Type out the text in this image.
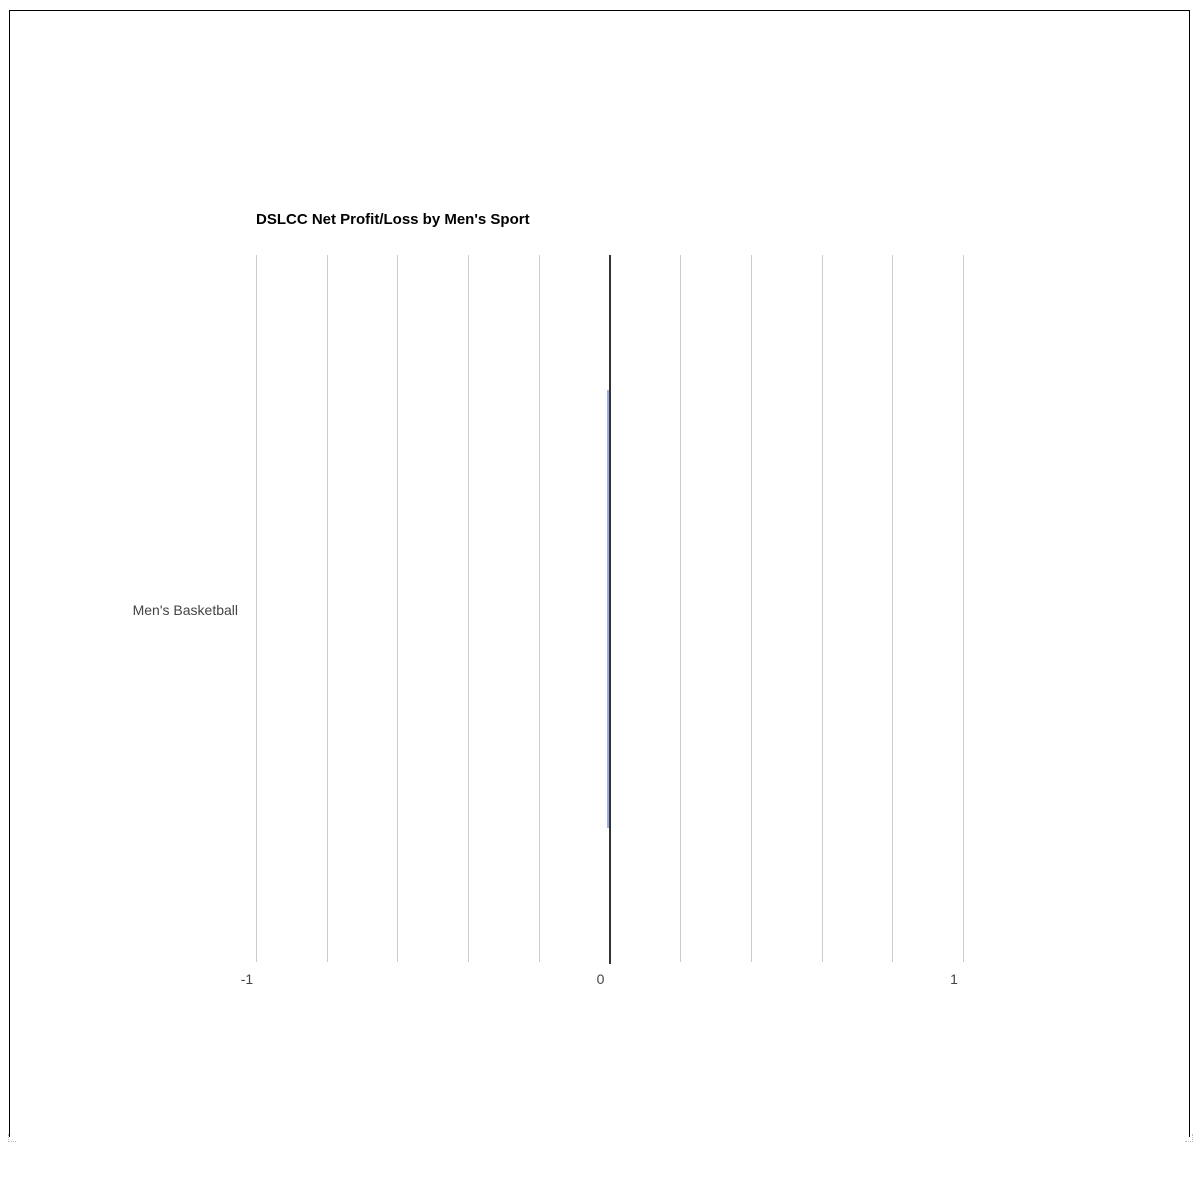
DSLCC Net Profit/Loss by Men's Sport
Men's Basketball
-1	0	1
